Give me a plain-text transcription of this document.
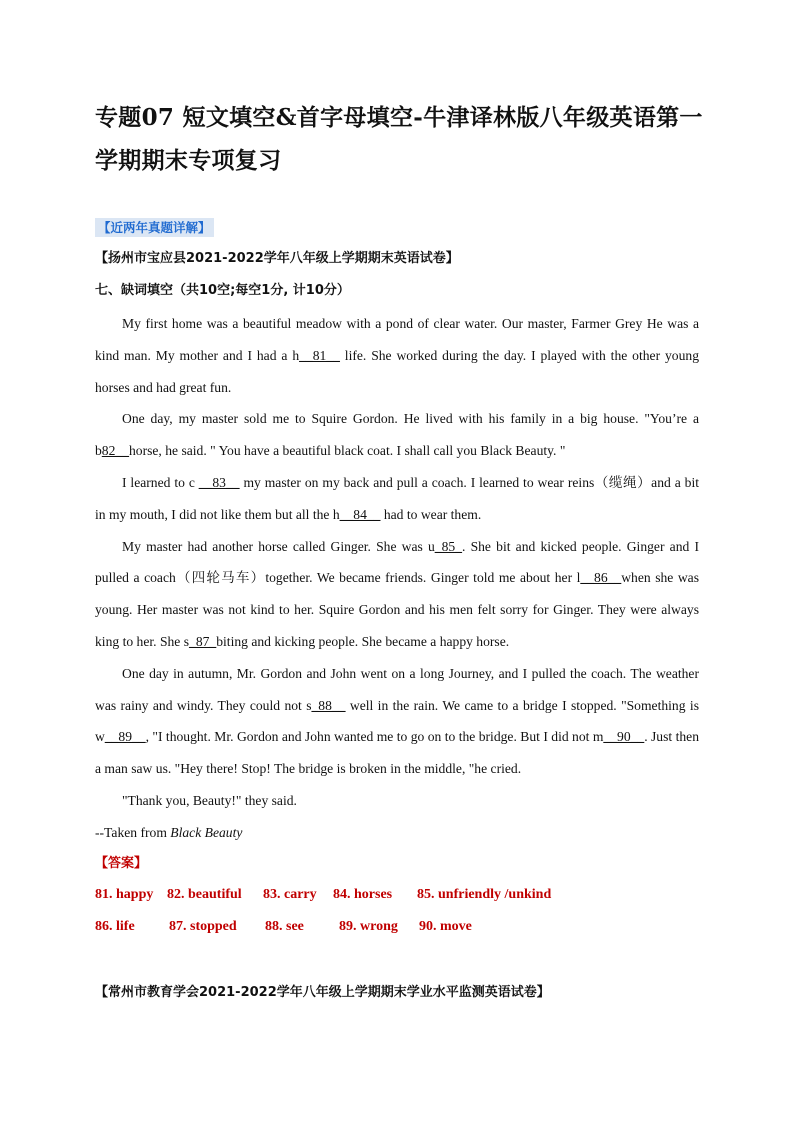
专题07 短文填空&首字母填空-牛津译林版八年级英语第一学期期末专项复习
【近两年真题详解】
【扬州市宝应县2021-2022学年八年级上学期期末英语试卷】
七、缺词填空（共10空;每空1分, 计10分）

My first home was a beautiful meadow with a pond of clear water. Our master, Farmer Grey He was a kind man. My mother and I had a h__81__ life. She worked during the day. I played with the other young horses and had great fun.

One day, my master sold me to Squire Gordon. He lived with his family in a big house. "You’re a b82__horse, he said. " You have a beautiful black coat. I shall call you Black Beauty. "

I learned to c __83__ my master on my back and pull a coach. I learned to wear reins（缆绳）and a bit in my mouth, I did not like them but all the h__84__ had to wear them.

My master had another horse called Ginger. She was u_85_. She bit and kicked people. Ginger and I pulled a coach（四轮马车）together. We became friends. Ginger told me about her l__86__when she was young. Her master was not kind to her. Squire Gordon and his men felt sorry for Ginger. They were always king to her. She s_87_biting and kicking people. She became a happy horse.

One day in autumn, Mr. Gordon and John went on a long Journey, and I pulled the coach. The weather was rainy and windy. They could not s_88__ well in the rain. We came to a bridge I stopped. "Something is w__89__, "I thought. Mr. Gordon and John wanted me to go on to the bridge. But I did not m__90__. Just then a man saw us. "Hey there! Stop! The bridge is broken in the middle, "he cried.

"Thank you, Beauty!" they said.

--Taken from Black Beauty

【答案】
81. happy 82. beautiful 83. carry 84. horses 85. unfriendly /unkind
86. life 87. stopped 88. see	89. wrong 90. move
【常州市教育学会2021-2022学年八年级上学期期末学业水平监测英语试卷】
